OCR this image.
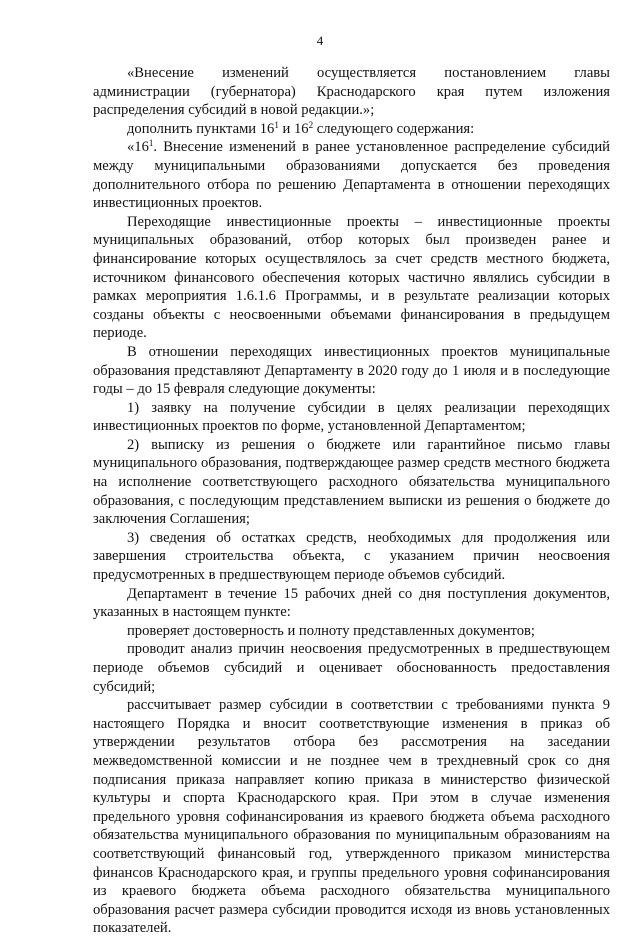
4

«Внесение изменений осуществляется постановлением главы администрации (губернатора) Краснодарского края путем изложения распределения субсидий в новой редакции.»;

дополнить пунктами $16^1$ и $16^2$ следующего содержания:

«$16^1$. Внесение изменений в ранее установленное распределение субсидий между муниципальными образованиями допускается без проведения дополнительного отбора по решению Департамента в отношении переходящих инвестиционных проектов.

Переходящие инвестиционные проекты – инвестиционные проекты муниципальных образований, отбор которых был произведен ранее и финансирование которых осуществлялось за счет средств местного бюджета, источником финансового обеспечения которых частично являлись субсидии в рамках мероприятия 1.6.1.6 Программы, и в результате реализации которых созданы объекты с неосвоенными объемами финансирования в предыдущем периоде.

В отношении переходящих инвестиционных проектов муниципальные образования представляют Департаменту в 2020 году до 1 июля и в последующие годы – до 15 февраля следующие документы:

1) заявку на получение субсидии в целях реализации переходящих инвестиционных проектов по форме, установленной Департаментом;

2) выписку из решения о бюджете или гарантийное письмо главы муниципального образования, подтверждающее размер средств местного бюджета на исполнение соответствующего расходного обязательства муниципального образования, с последующим представлением выписки из решения о бюджете до заключения Соглашения;

3) сведения об остатках средств, необходимых для продолжения или завершения строительства объекта, с указанием причин неосвоения предусмотренных в предшествующем периоде объемов субсидий.

Департамент в течение 15 рабочих дней со дня поступления документов, указанных в настоящем пункте:

проверяет достоверность и полноту представленных документов;

проводит анализ причин неосвоения предусмотренных в предшествующем периоде объемов субсидий и оценивает обоснованность предоставления субсидий;

рассчитывает размер субсидии в соответствии с требованиями пункта 9 настоящего Порядка и вносит соответствующие изменения в приказ об утверждении результатов отбора без рассмотрения на заседании межведомственной комиссии и не позднее чем в трехдневный срок со дня подписания приказа направляет копию приказа в министерство физической культуры и спорта Краснодарского края. При этом в случае изменения предельного уровня софинансирования из краевого бюджета объема расходного обязательства муниципального образования по муниципальным образованиям на соответствующий финансовый год, утвержденного приказом министерства финансов Краснодарского края, и группы предельного уровня софинансирования из краевого бюджета объема расходного обязательства муниципального образования расчет размера субсидии проводится исходя из вновь установленных показателей.
